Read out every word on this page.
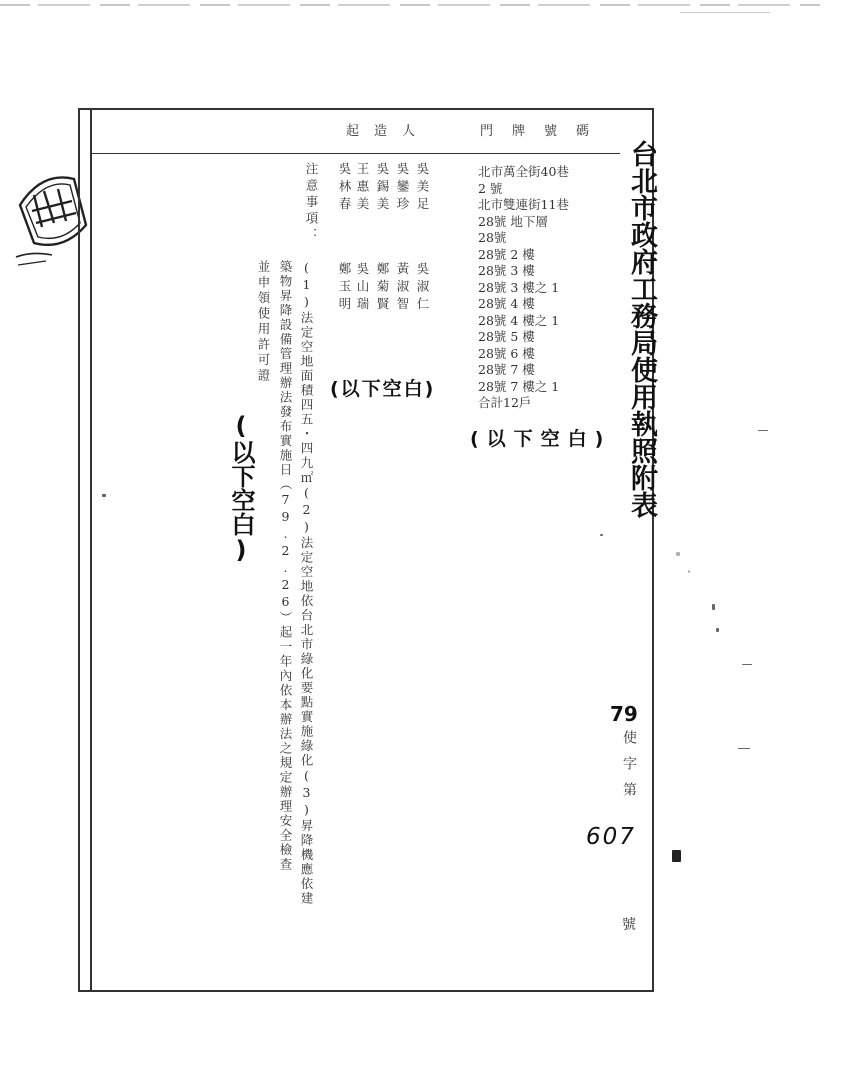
起　造　人	門　牌　號　碼
吳美足
吳淑仁
吳鑾珍
黃淑智
吳錫美
鄭菊賢
王惠美
吳山瑞
吳林春
鄭玉明
北市萬全街40巷
2 號
北市雙連街11巷
28號 地下層
28號
28號 2 樓
28號 3 樓
28號 3 樓之 1
28號 4 樓
28號 4 樓之 1
28號 5 樓
28號 6 樓
28號 7 樓
28號 7 樓之 1
合計12戶
注意事項：
(1)法定空地面積四五・四九㎡(2)法定空地依台北市綠化要點實施綠化(3)昇降機應依建
築物昇降設備管理辦法發布實施日（79.2.26）起一年內依本辦法之規定辦理安全檢查
並申領使用許可證
(以下空白)
(以下空白)
(以下空白)	台北市政府工務局使用執照附表
79
使字第
607
號
